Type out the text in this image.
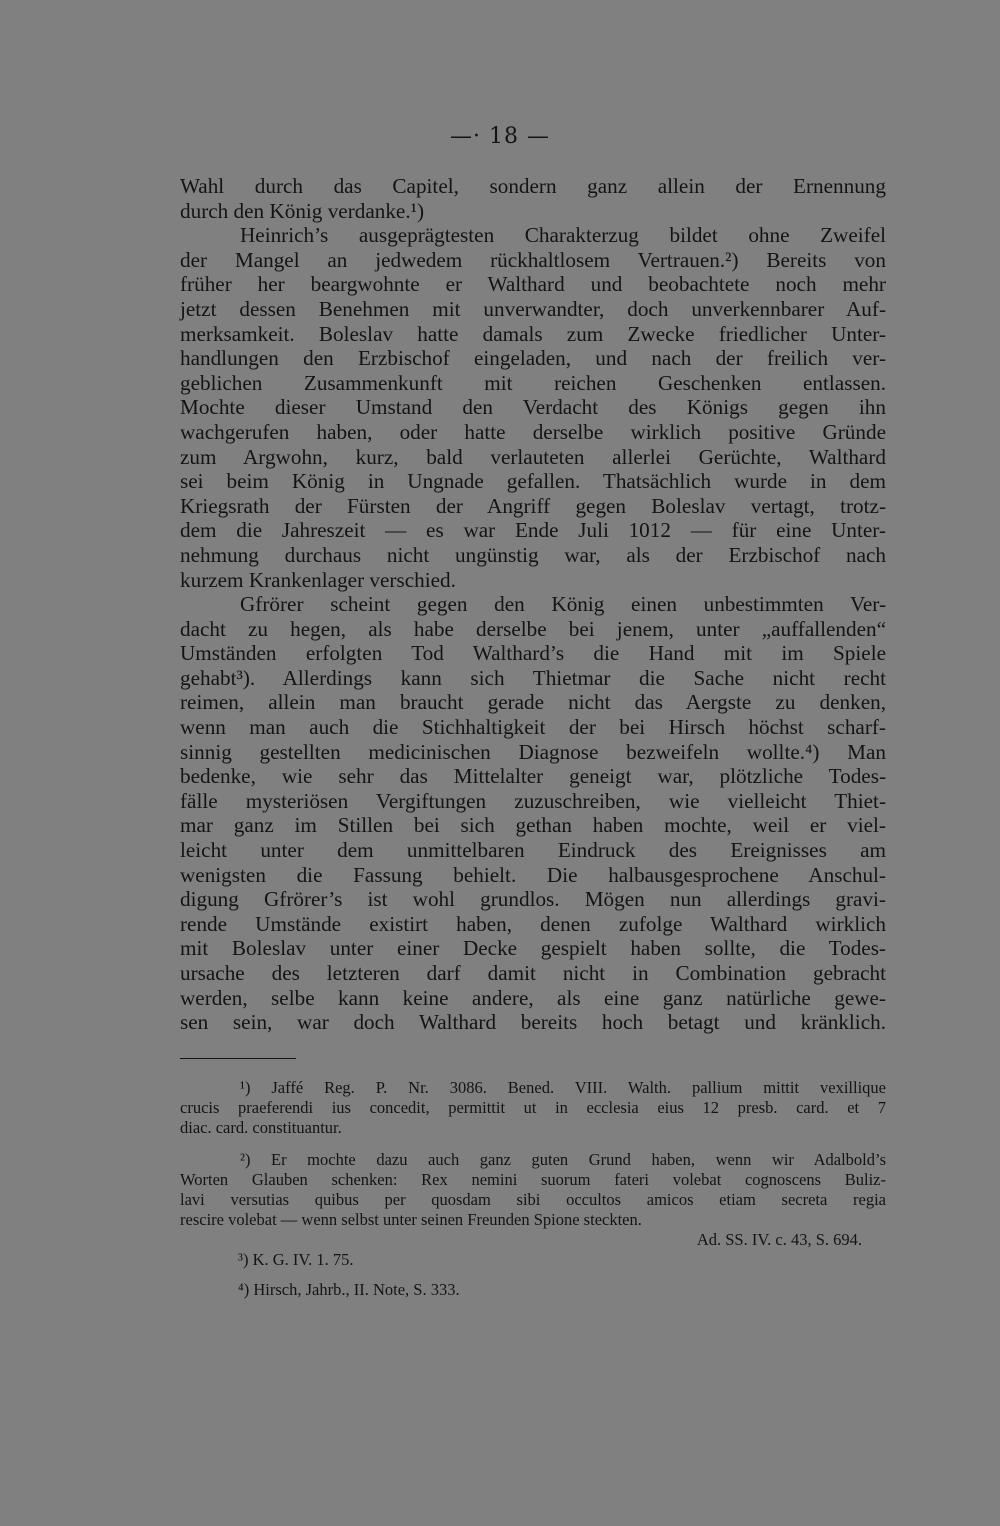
—· 18 —
Wahl durch das Capitel, sondern ganz allein der Ernennung
durch den König verdanke.¹)
Heinrich’s ausgeprägtesten Charakterzug bildet ohne Zweifel
der Mangel an jedwedem rückhaltlosem Vertrauen.²) Bereits von
früher her beargwohnte er Walthard und beobachtete noch mehr
jetzt dessen Benehmen mit unverwandter, doch unverkennbarer Auf-
merksamkeit. Boleslav hatte damals zum Zwecke friedlicher Unter-
handlungen den Erzbischof eingeladen, und nach der freilich ver-
geblichen Zusammenkunft mit reichen Geschenken entlassen.
Mochte dieser Umstand den Verdacht des Königs gegen ihn
wachgerufen haben, oder hatte derselbe wirklich positive Gründe
zum Argwohn, kurz, bald verlauteten allerlei Gerüchte, Walthard
sei beim König in Ungnade gefallen. Thatsächlich wurde in dem
Kriegsrath der Fürsten der Angriff gegen Boleslav vertagt, trotz-
dem die Jahreszeit — es war Ende Juli 1012 — für eine Unter-
nehmung durchaus nicht ungünstig war, als der Erzbischof nach
kurzem Krankenlager verschied.
Gfrörer scheint gegen den König einen unbestimmten Ver-
dacht zu hegen, als habe derselbe bei jenem, unter „auffallenden“
Umständen erfolgten Tod Walthard’s die Hand mit im Spiele
gehabt³). Allerdings kann sich Thietmar die Sache nicht recht
reimen, allein man braucht gerade nicht das Aergste zu denken,
wenn man auch die Stichhaltigkeit der bei Hirsch höchst scharf-
sinnig gestellten medicinischen Diagnose bezweifeln wollte.⁴) Man
bedenke, wie sehr das Mittelalter geneigt war, plötzliche Todes-
fälle mysteriösen Vergiftungen zuzuschreiben, wie vielleicht Thiet-
mar ganz im Stillen bei sich gethan haben mochte, weil er viel-
leicht unter dem unmittelbaren Eindruck des Ereignisses am
wenigsten die Fassung behielt. Die halbausgesprochene Anschul-
digung Gfrörer’s ist wohl grundlos. Mögen nun allerdings gravi-
rende Umstände existirt haben, denen zufolge Walthard wirklich
mit Boleslav unter einer Decke gespielt haben sollte, die Todes-
ursache des letzteren darf damit nicht in Combination gebracht
werden, selbe kann keine andere, als eine ganz natürliche gewe-
sen sein, war doch Walthard bereits hoch betagt und kränklich.
¹) Jaffé Reg. P. Nr. 3086. Bened. VIII. Walth. pallium mittit vexillique
crucis praeferendi ius concedit, permittit ut in ecclesia eius 12 presb. card. et 7
diac. card. constituantur.
²) Er mochte dazu auch ganz guten Grund haben, wenn wir Adalbold’s
Worten Glauben schenken: Rex nemini suorum fateri volebat cognoscens Buliz-
lavi versutias quibus per quosdam sibi occultos amicos etiam secreta regia
rescire volebat — wenn selbst unter seinen Freunden Spione steckten.
Ad. SS. IV. c. 43, S. 694.
³) K. G. IV. 1. 75.
⁴) Hirsch, Jahrb., II. Note, S. 333.
